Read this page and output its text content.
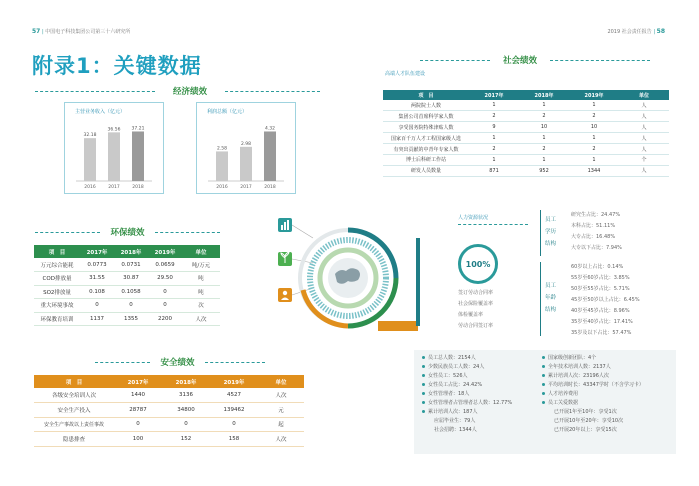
57 | 中国电子科技集团公司第三十六研究所	2019 社会责任报告 | 58
附录1：关键数据
经济绩效
主营业务收入（亿元）
32.18
2016
36.56
2017
37.21
2018
利润总额（亿元）
2.58
2016
2.98
2017
4.32
2018
环保绩效
项　目	2017年	2018年	2019年	单位
万元综合能耗	0.0773	0.0731	0.0659	吨/万元
COD排放量	31.55	30.87	29.50	吨
SO2排放量	0.108	0.1058	0	吨
重大环境事故	0	0	0	次
环保教育培训	1137	1355	2200	人次
安全绩效
项　目	2017年	2018年	2019年	单位
各级安全培训人次	1440	3136	4527	人次
安全生产投入	28787	34800	139462	元
安全生产事故以上责任事故	0	0	0	起
隐患排查	100	152	158	人次
社会绩效
高端人才队伍建设
项　目	2017年	2018年	2019年	单位
两院院士人数	1	1	1	人
集团公司首席科学家人数	2	2	2	人
享受国务院特殊津贴人数	9	10	10	人
国家百千万人才工程国家级人选	1	1	1	人
有突出贡献的中青年专家人数	2	2	2	人
博士后科研工作站	1	1	1	个
研发人员数量	871	952	1344	人
人力资源状况
100%
签订劳动合同率
社会保险覆盖率
体检覆盖率
劳动合同签订率
员工学历结构
研究生占比：24.47%
本科占比：51.11%
大专占比：16.48%
大专以下占比：7.94%
员工年龄结构
60岁以上占比：0.14%
55岁至60岁占比：3.85%
50岁至55岁占比：5.71%
45岁至50岁以上占比：6.45%
40岁至45岁占比：8.96%
35岁至40岁占比：17.41%
35岁及以下占比：57.47%
员工总人数：2154人
少数民族员工人数：24人
女性员工：526人
女性员工占比：24.42%
女性管理者：18人
女性管理者占管理者总人数：12.77%
累计培训人次：187人
应届毕业生：79人
社会招聘：1344人
国家级创新团队：4个
全年技术培训人数：2137人
累计培训人次：23196人次
平均培训时长：43347学时（不含学习卡）
人才培养费用
员工关爱数据
已开展1年至10年：享受1次
已开展10年至20年：享受10次
已开展20年以上：享受15次
